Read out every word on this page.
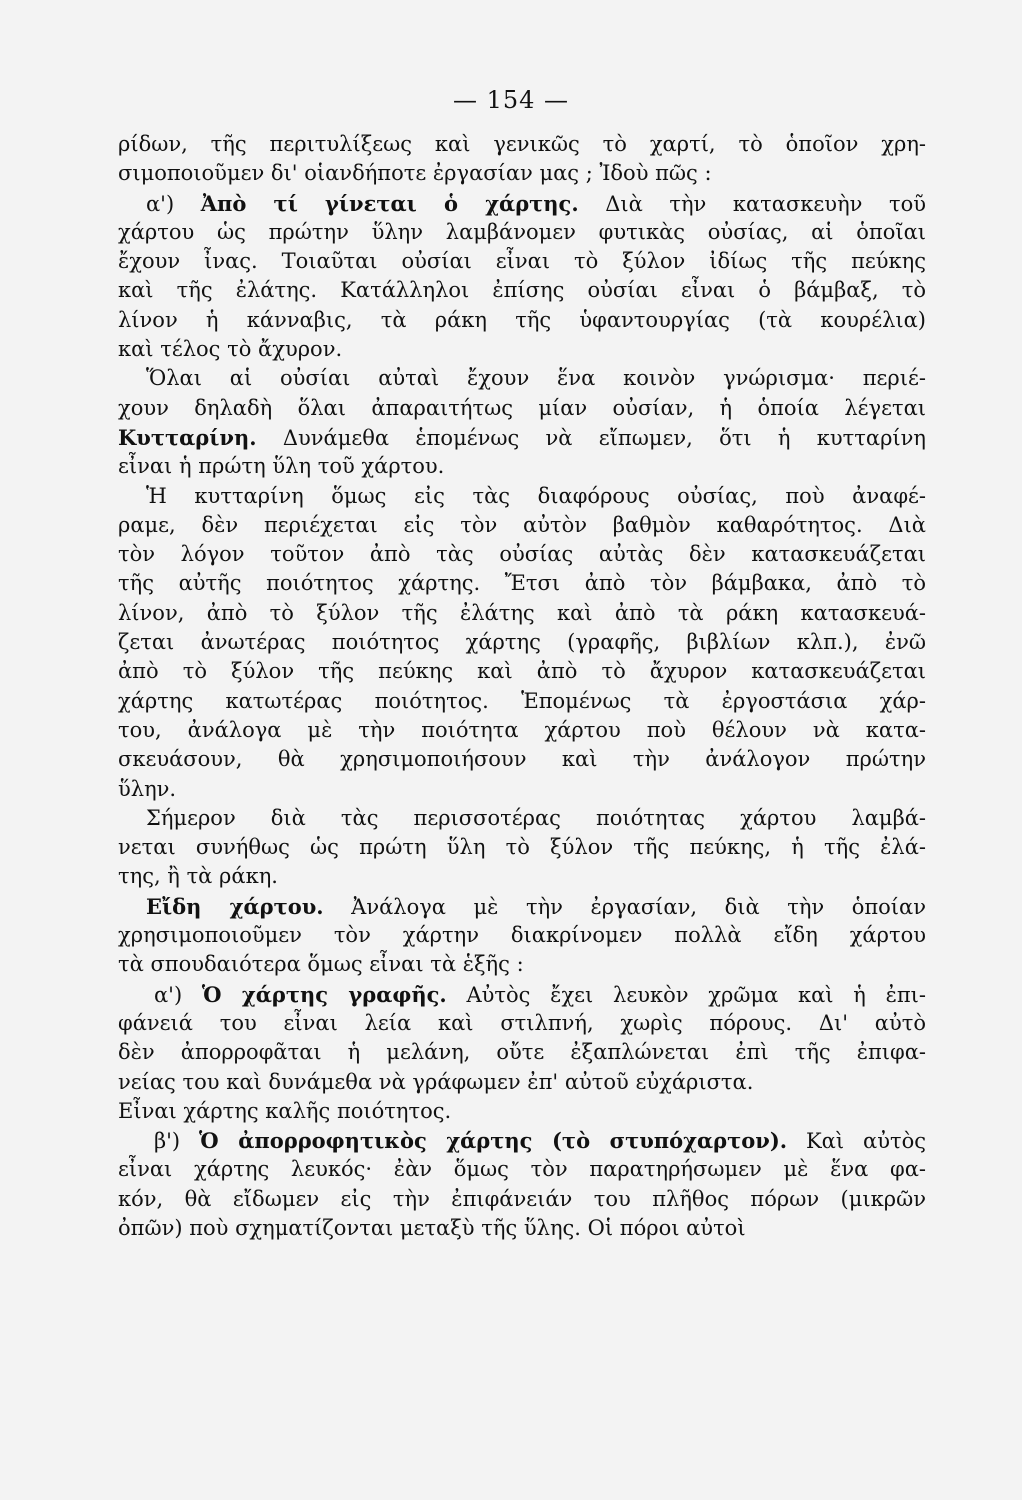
— 154 —
ρίδων, τῆς περιτυλίξεως καὶ γενικῶς τὸ χαρτί, τὸ ὁποῖον χρη-
σιμοποιοῦμεν δι' οἱανδήποτε ἐργασίαν μας ; Ἰδοὺ πῶς :
α') Ἀπὸ τί γίνεται ὁ χάρτης. Διὰ τὴν κατασκευὴν τοῦ
χάρτου ὡς πρώτην ὕλην λαμβάνομεν φυτικὰς οὐσίας, αἱ ὁποῖαι
ἔχουν ἶνας. Τοιαῦται οὐσίαι εἶναι τὸ ξύλον ἰδίως τῆς πεύκης
καὶ τῆς ἐλάτης. Κατάλληλοι ἐπίσης οὐσίαι εἶναι ὁ βάμβαξ, τὸ
λίνον ἡ κάνναβις, τὰ ράκη τῆς ὑφαντουργίας (τὰ κουρέλια)
καὶ τέλος τὸ ἄχυρον.
Ὅλαι αἱ οὐσίαι αὐταὶ ἔχουν ἕνα κοινὸν γνώρισμα· περιέ-
χουν δηλαδὴ ὅλαι ἀπαραιτήτως μίαν οὐσίαν, ἡ ὁποία λέγεται
Κυτταρίνη. Δυνάμεθα ἑπομένως νὰ εἴπωμεν, ὅτι ἡ κυτταρίνη
εἶναι ἡ πρώτη ὕλη τοῦ χάρτου.
Ἡ κυτταρίνη ὅμως εἰς τὰς διαφόρους οὐσίας, ποὺ ἀναφέ-
ραμε, δὲν περιέχεται εἰς τὸν αὐτὸν βαθμὸν καθαρότητος. Διὰ
τὸν λόγον τοῦτον ἀπὸ τὰς οὐσίας αὐτὰς δὲν κατασκευάζεται
τῆς αὐτῆς ποιότητος χάρτης. Ἔτσι ἀπὸ τὸν βάμβακα, ἀπὸ τὸ
λίνον, ἀπὸ τὸ ξύλον τῆς ἐλάτης καὶ ἀπὸ τὰ ράκη κατασκευά-
ζεται ἀνωτέρας ποιότητος χάρτης (γραφῆς, βιβλίων κλπ.), ἐνῶ
ἀπὸ τὸ ξύλον τῆς πεύκης καὶ ἀπὸ τὸ ἄχυρον κατασκευάζεται
χάρτης κατωτέρας ποιότητος. Ἑπομένως τὰ ἐργοστάσια χάρ-
του, ἀνάλογα μὲ τὴν ποιότητα χάρτου ποὺ θέλουν νὰ κατα-
σκευάσουν, θὰ χρησιμοποιήσουν καὶ τὴν ἀνάλογον πρώτην
ὕλην.
Σήμερον διὰ τὰς περισσοτέρας ποιότητας χάρτου λαμβά-
νεται συνήθως ὡς πρώτη ὕλη τὸ ξύλον τῆς πεύκης, ἡ τῆς ἐλά-
της, ἢ τὰ ράκη.
Εἴδη χάρτου. Ἀνάλογα μὲ τὴν ἐργασίαν, διὰ τὴν ὁποίαν
χρησιμοποιοῦμεν τὸν χάρτην διακρίνομεν πολλὰ εἴδη χάρτου
τὰ σπουδαιότερα ὅμως εἶναι τὰ ἑξῆς :
α') Ὁ χάρτης γραφῆς. Αὐτὸς ἔχει λευκὸν χρῶμα καὶ ἡ ἐπι-
φάνειά του εἶναι λεία καὶ στιλπνή, χωρὶς πόρους. Δι' αὐτὸ
δὲν ἀπορροφᾶται ἡ μελάνη, οὔτε ἐξαπλώνεται ἐπὶ τῆς ἐπιφα-
νείας του καὶ δυνάμεθα νὰ γράφωμεν ἐπ' αὐτοῦ εὐχάριστα.
Εἶναι χάρτης καλῆς ποιότητος.
β') Ὁ ἀπορροφητικὸς χάρτης (τὸ στυπόχαρτον). Καὶ αὐτὸς
εἶναι χάρτης λευκός· ἐὰν ὅμως τὸν παρατηρήσωμεν μὲ ἕνα φα-
κόν, θὰ εἴδωμεν εἰς τὴν ἐπιφάνειάν του πλῆθος πόρων (μικρῶν
ὀπῶν) ποὺ σχηματίζονται μεταξὺ τῆς ὕλης. Οἱ πόροι αὐτοὶ
